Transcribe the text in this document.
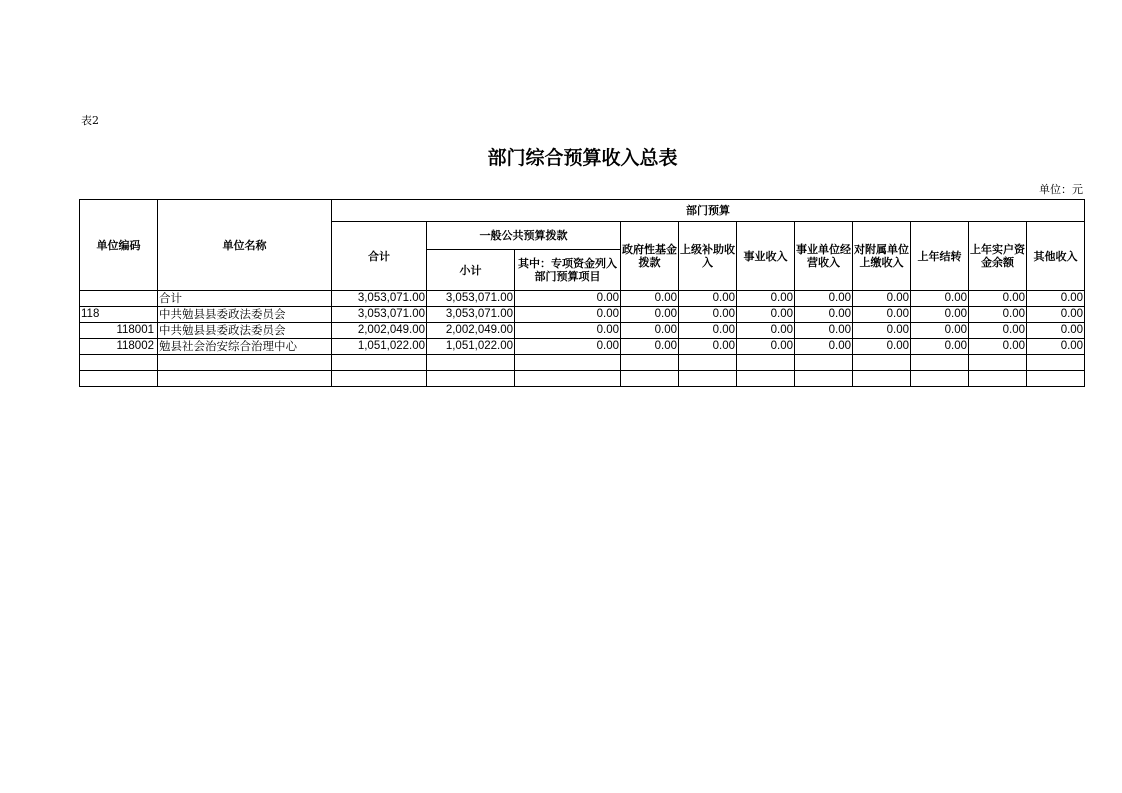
表2
部门综合预算收入总表
单位：元
单位编码	单位名称	部门预算										
		合计	一般公共预算拨款		政府性基金拨款	上级补助收入	事业收入	事业单位经营收入	对附属单位上缴收入	上年结转	上年实户资金余额	其他收入
			小计	其中：专项资金列入部门预算项目								
	合计	3,053,071.00	3,053,071.00	0.00	0.00	0.00	0.00	0.00	0.00	0.00	0.00	0.00
118	中共勉县县委政法委员会	3,053,071.00	3,053,071.00	0.00	0.00	0.00	0.00	0.00	0.00	0.00	0.00	0.00
118001	中共勉县县委政法委员会	2,002,049.00	2,002,049.00	0.00	0.00	0.00	0.00	0.00	0.00	0.00	0.00	0.00
118002	勉县社会治安综合治理中心	1,051,022.00	1,051,022.00	0.00	0.00	0.00	0.00	0.00	0.00	0.00	0.00	0.00
